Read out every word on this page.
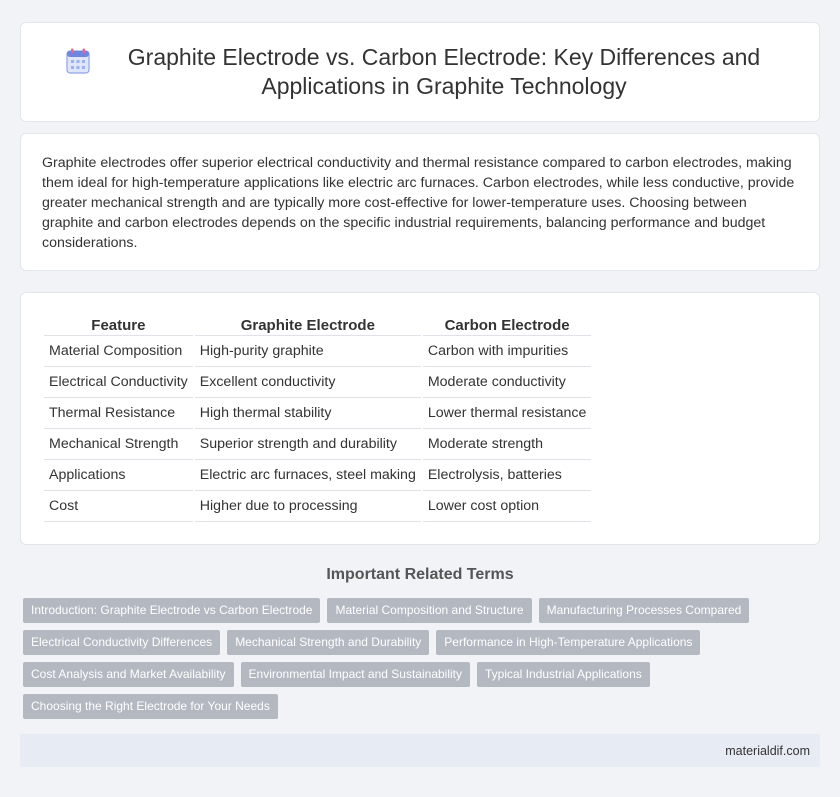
Graphite Electrode vs. Carbon Electrode: Key Differences and Applications in Graphite Technology

Graphite electrodes offer superior electrical conductivity and thermal resistance compared to carbon electrodes, making them ideal for high-temperature applications like electric arc furnaces. Carbon electrodes, while less conductive, provide greater mechanical strength and are typically more cost-effective for lower-temperature uses. Choosing between graphite and carbon electrodes depends on the specific industrial requirements, balancing performance and budget considerations.

Feature	Graphite Electrode	Carbon Electrode
Material Composition	High-purity graphite	Carbon with impurities
Electrical Conductivity	Excellent conductivity	Moderate conductivity
Thermal Resistance	High thermal stability	Lower thermal resistance
Mechanical Strength	Superior strength and durability	Moderate strength
Applications	Electric arc furnaces, steel making	Electrolysis, batteries
Cost	Higher due to processing	Lower cost option
Important Related Terms
Introduction: Graphite Electrode vs Carbon Electrode	Material Composition and Structure	Manufacturing Processes Compared
Electrical Conductivity Differences	Mechanical Strength and Durability	Performance in High-Temperature Applications
Cost Analysis and Market Availability	Environmental Impact and Sustainability	Typical Industrial Applications
Choosing the Right Electrode for Your Needs
materialdif.com
